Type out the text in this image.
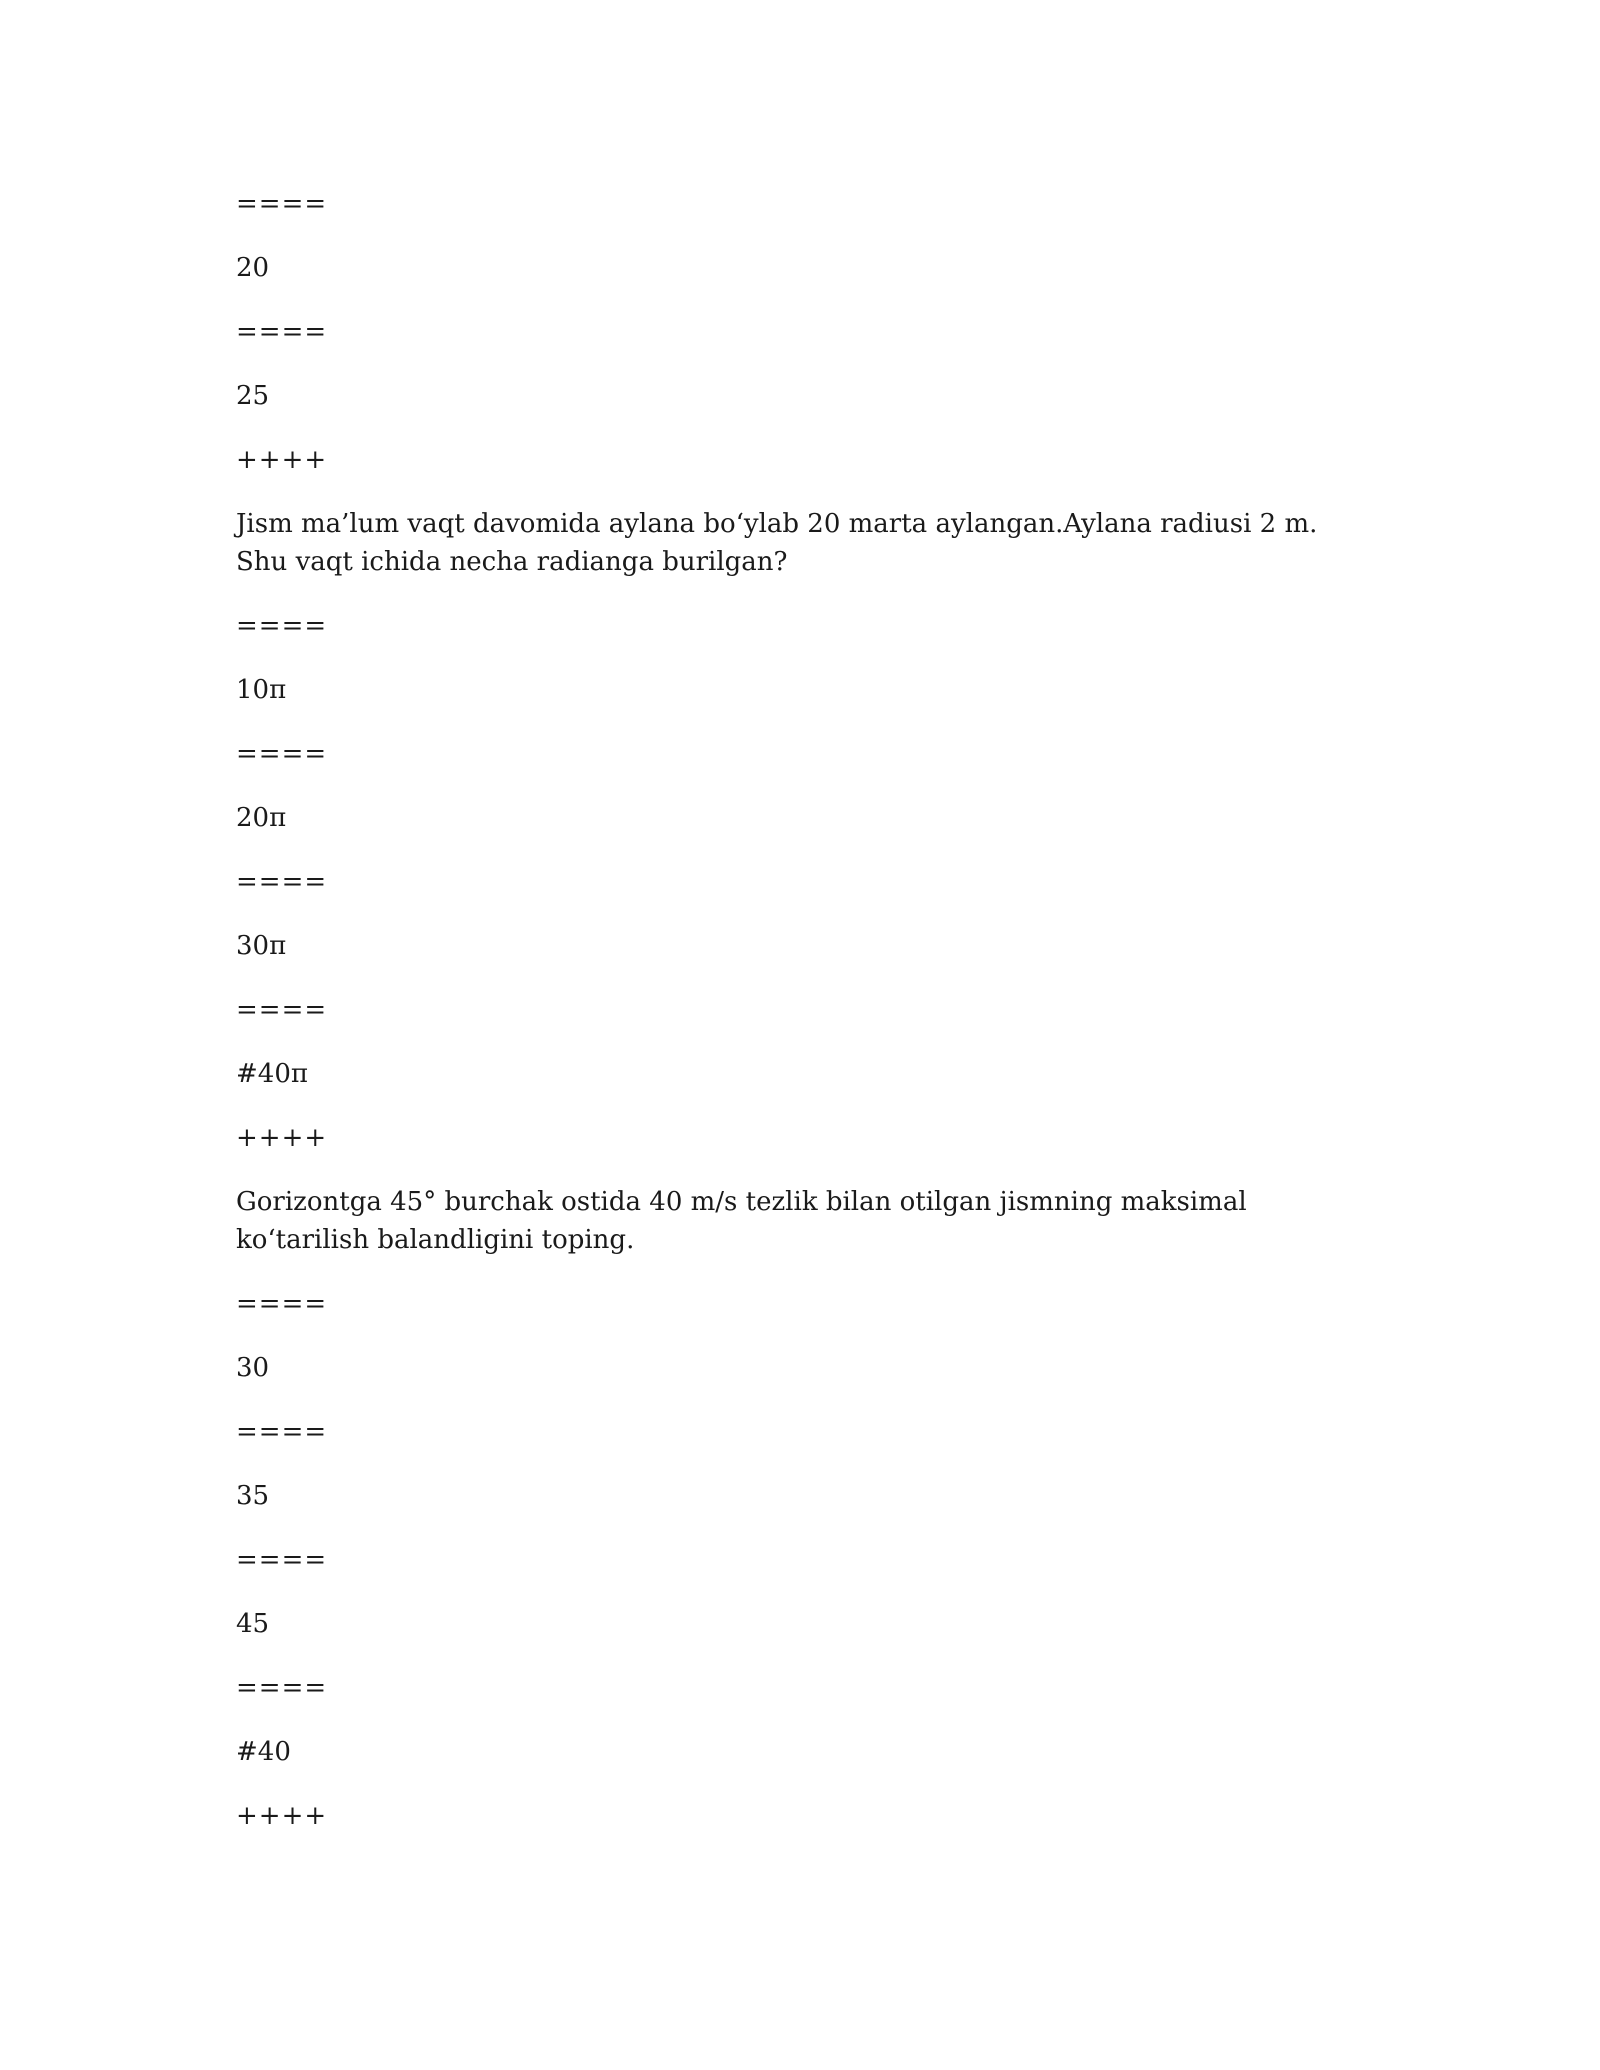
====
20
====
25
++++
Jism ma’lum vaqt davomida aylana bo‘ylab 20 marta aylangan.Aylana radiusi 2 m. Shu vaqt ichida necha radianga burilgan?
====
10π
====
20π
====
30π
====
#40π
++++
Gorizontga 45° burchak ostida 40 m/s tezlik bilan otilgan jismning maksimal ko‘tarilish balandligini toping.
====
30
====
35
====
45
====
#40
++++
